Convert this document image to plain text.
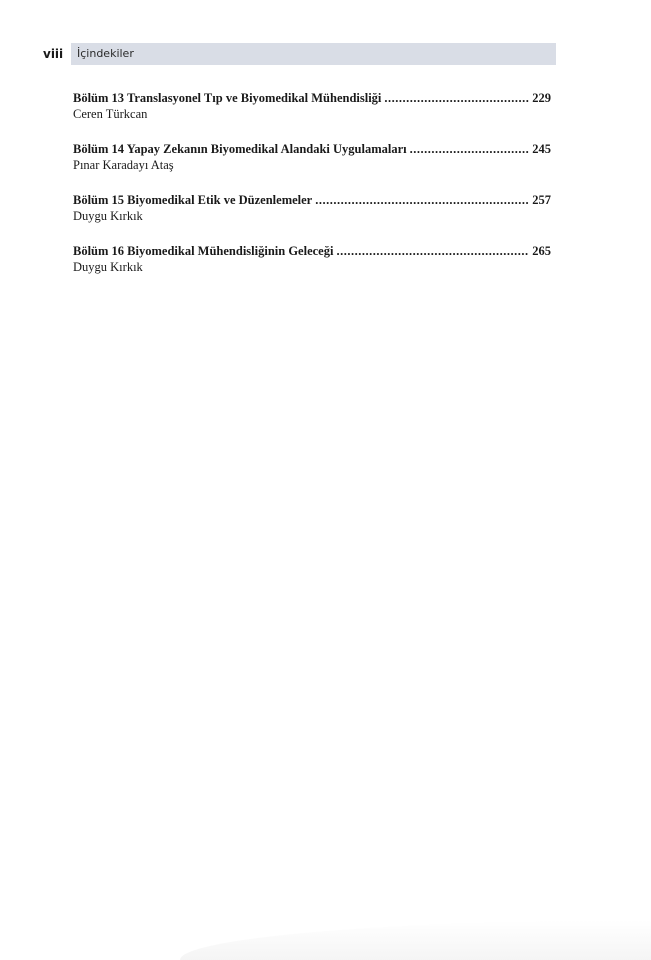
viii İçindekiler
Bölüm 13 Translasyonel Tıp ve Biyomedikal Mühendisliği .....	229
Ceren Türkcan
Bölüm 14 Yapay Zekanın Biyomedikal Alandaki Uygulamaları .....	245
Pınar Karadayı Ataş
Bölüm 15 Biyomedikal Etik ve Düzenlemeler .....	257
Duygu Kırkık
Bölüm 16 Biyomedikal Mühendisliğinin Geleceği .....	265
Duygu Kırkık
